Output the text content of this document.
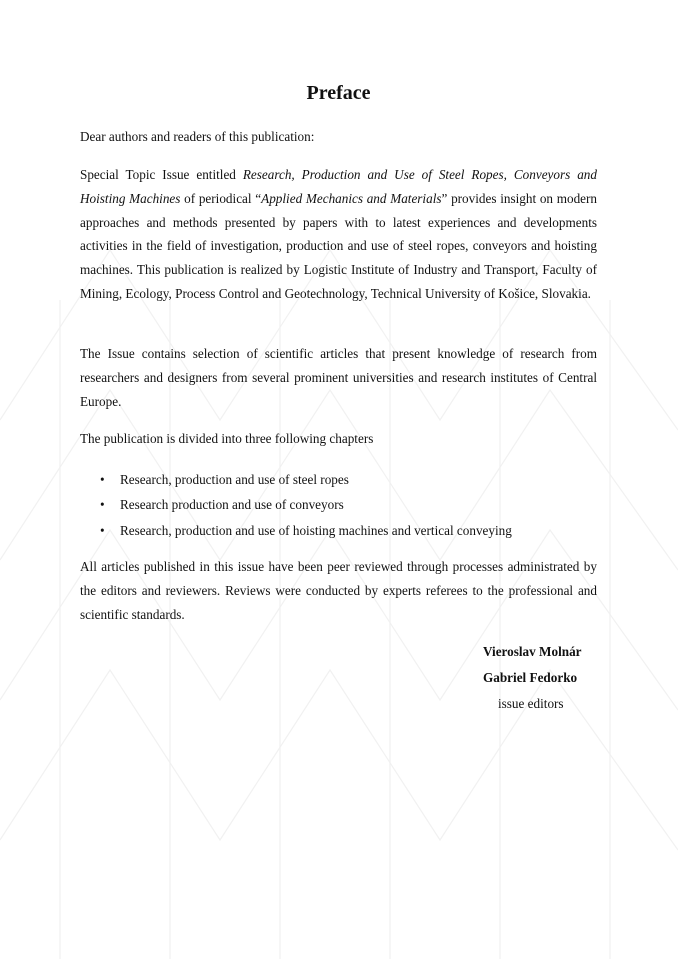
Preface

Dear authors and readers of this publication:

Special Topic Issue entitled Research, Production and Use of Steel Ropes, Conveyors and Hoisting Machines of periodical “Applied Mechanics and Materials” provides insight on modern approaches and methods presented by papers with to latest experiences and developments activities in the field of investigation, production and use of steel ropes, conveyors and hoisting machines. This publication is realized by Logistic Institute of Industry and Transport, Faculty of Mining, Ecology, Process Control and Geotechnology, Technical University of Košice, Slovakia.

The Issue contains selection of scientific articles that present knowledge of research from researchers and designers from several prominent universities and research institutes of Central Europe.

The publication is divided into three following chapters

• Research, production and use of steel ropes
• Research production and use of conveyors
• Research, production and use of hoisting machines and vertical conveying

All articles published in this issue have been peer reviewed through processes administrated by the editors and reviewers. Reviews were conducted by experts referees to the professional and scientific standards.

Vieroslav Molnár
Gabriel Fedorko
issue editors
